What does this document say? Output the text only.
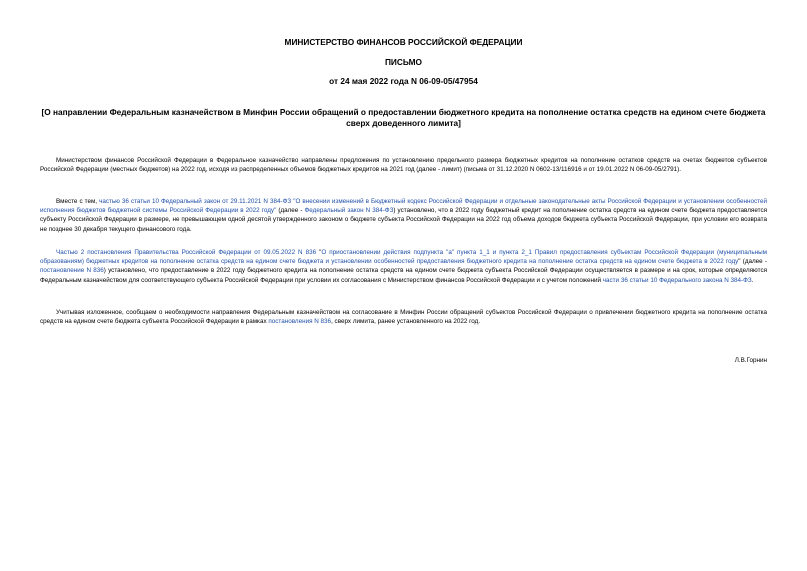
МИНИСТЕРСТВО ФИНАНСОВ РОССИЙСКОЙ ФЕДЕРАЦИИ

ПИСЬМО

от 24 мая 2022 года N 06-09-05/47954

[О направлении Федеральным казначейством в Минфин России обращений о предоставлении бюджетного кредита на пополнение остатка средств на едином счете бюджета сверх доведенного лимита]

Министерством финансов Российской Федерации в Федеральное казначейство направлены предложения по установлению предельного размера бюджетных кредитов на пополнение остатков средств на счетах бюджетов субъектов Российской Федерации (местных бюджетов) на 2022 год, исходя из распределенных объемов бюджетных кредитов на 2021 год (далее - лимит) (письма от 31.12.2020 N 0602-13/116916 и от 19.01.2022 N 06-09-05/2791).

Вместе с тем, частью 36 статьи 10 Федеральный закон от 29.11.2021 N 384-ФЗ "О внесении изменений в Бюджетный кодекс Российской Федерации и отдельные законодательные акты Российской Федерации и установлении особенностей исполнения бюджетов бюджетной системы Российской Федерации в 2022 году" (далее - Федеральный закон N 384-ФЗ) установлено, что в 2022 году бюджетный кредит на пополнение остатка средств на едином счете бюджета предоставляется субъекту Российской Федерации в размере, не превышающем одной десятой утвержденного законом о бюджете субъекта Российской Федерации на 2022 год объема доходов бюджета субъекта Российской Федерации, при условии его возврата не позднее 30 декабря текущего финансового года.

Частью 2 постановления Правительства Российской Федерации от 09.05.2022 N 836 "О приостановлении действия подпункта "а" пункта 1_1 и пункта 2_1 Правил предоставления субъектам Российской Федерации (муниципальным образованиям) бюджетных кредитов на пополнение остатка средств на едином счете бюджета и установлении особенностей предоставления бюджетного кредита на пополнение остатка средств на едином счете бюджета в 2022 году" (далее - постановление N 836) установлено, что предоставление в 2022 году бюджетного кредита на пополнение остатка средств на едином счете бюджета субъекта Российской Федерации осуществляется в размере и на срок, которые определяются Федеральным казначейством для соответствующего субъекта Российской Федерации при условии их согласования с Министерством финансов Российской Федерации и с учетом положений части 36 статьи 10 Федерального закона N 384-ФЗ.

Учитывая изложенное, сообщаем о необходимости направления Федеральным казначейством на согласование в Минфин России обращений субъектов Российской Федерации о привлечении бюджетного кредита на пополнение остатка средств на едином счете бюджета субъекта Российской Федерации в рамках постановления N 836, сверх лимита, ранее установленного на 2022 год.

Л.В.Горнин
